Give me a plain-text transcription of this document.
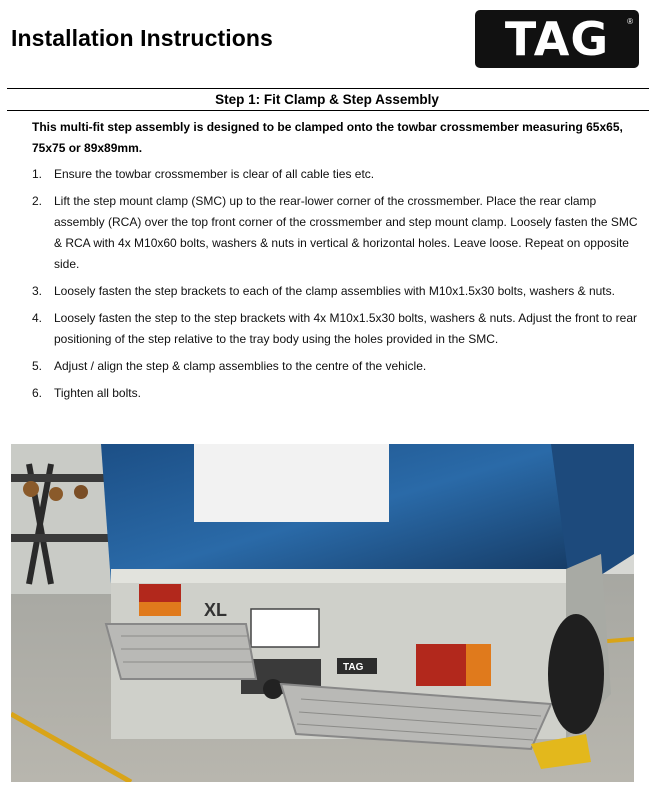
Installation Instructions	TAG ®
Step 1: Fit Clamp & Step Assembly
This multi-fit step assembly is designed to be clamped onto the towbar crossmember measuring 65x65, 75x75 or 89x89mm.
1. Ensure the towbar crossmember is clear of all cable ties etc.
2. Lift the step mount clamp (SMC) up to the rear-lower corner of the crossmember. Place the rear clamp assembly (RCA) over the top front corner of the crossmember and step mount clamp. Loosely fasten the SMC & RCA with 4x M10x60 bolts, washers & nuts in vertical & horizontal holes. Leave loose. Repeat on opposite side.
3. Loosely fasten the step brackets to each of the clamp assemblies with M10x1.5x30 bolts, washers & nuts.
4. Loosely fasten the step to the step brackets with 4x M10x1.5x30 bolts, washers & nuts. Adjust the front to rear positioning of the step relative to the tray body using the holes provided in the SMC.
5. Adjust / align the step & clamp assemblies to the centre of the vehicle.
6. Tighten all bolts.
XL
TAG
